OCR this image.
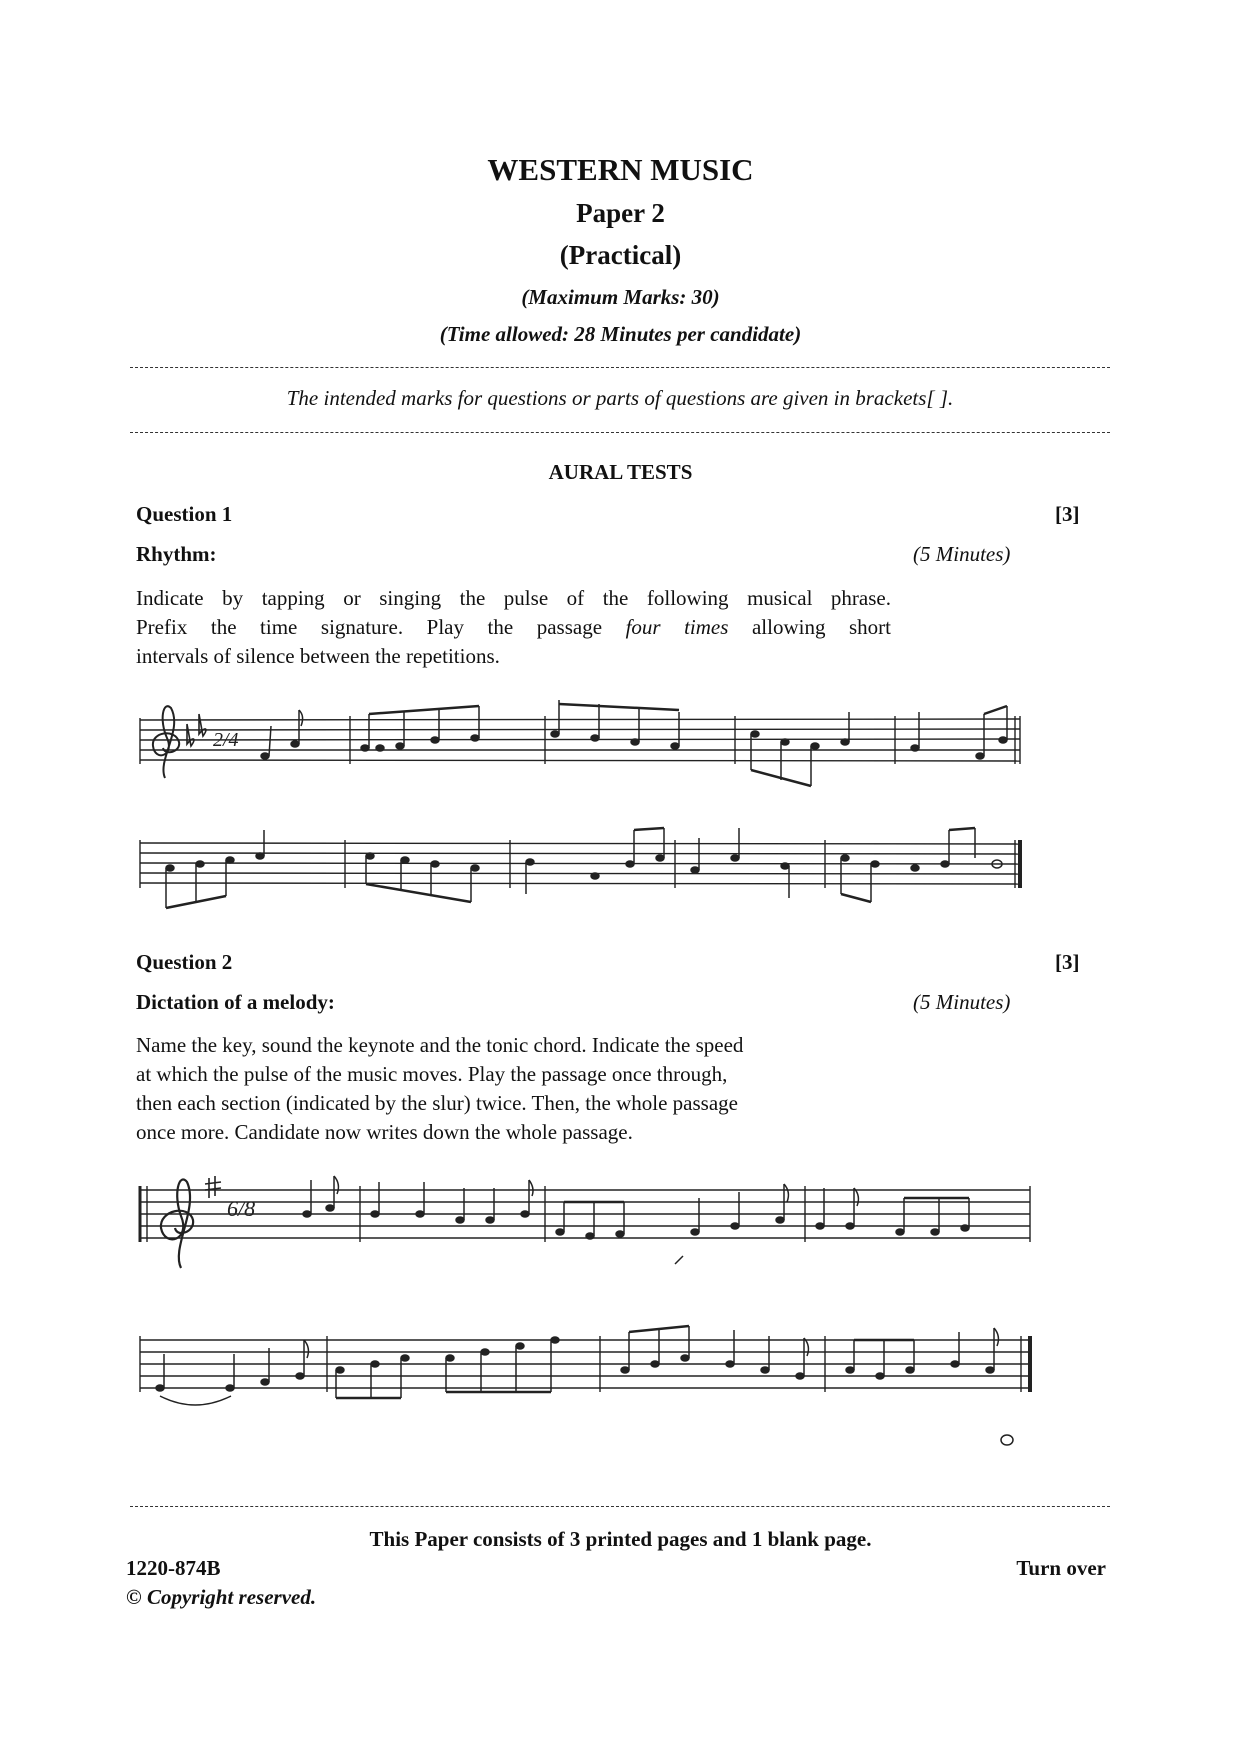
WESTERN MUSIC
Paper 2
(Practical)
(Maximum Marks: 30)
(Time allowed: 28 Minutes per candidate)
The intended marks for questions or parts of questions are given in brackets[ ].
AURAL TESTS
Question 1	[3]
Rhythm:	(5 Minutes)
Indicate by tapping or singing the pulse of the following musical phrase.
Prefix the time signature. Play the passage four times allowing short
intervals of silence between the repetitions.
2/4
Question 2	[3]
Dictation of a melody:	(5 Minutes)
Name the key, sound the keynote and the tonic chord. Indicate the speed
at which the pulse of the music moves. Play the passage once through,
then each section (indicated by the slur) twice. Then, the whole passage
once more. Candidate now writes down the whole passage.
6/8
This Paper consists of 3 printed pages and 1 blank page.
1220-874B	Turn over
© Copyright reserved.
